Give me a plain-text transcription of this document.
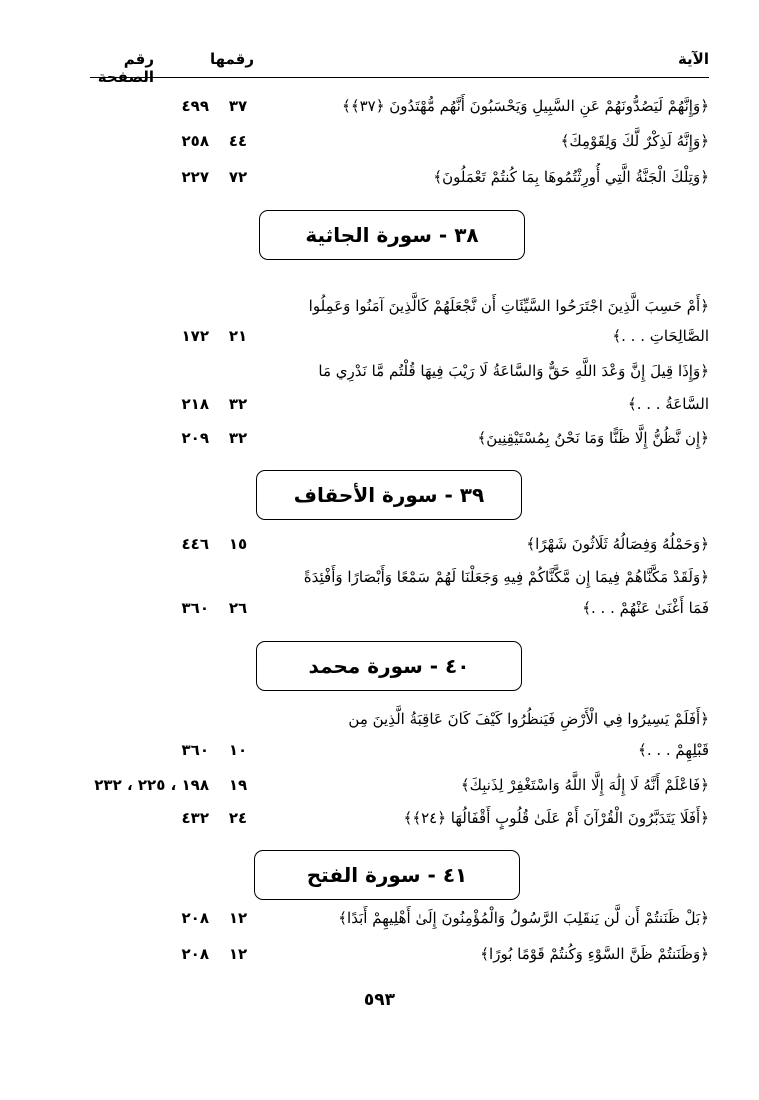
الآية
رقمها
رقم الصفحة
﴿وَإِنَّهُمْ لَيَصُدُّونَهُمْ عَنِ السَّبِيلِ وَيَحْسَبُونَ أَنَّهُم مُّهْتَدُونَ ﴿٣٧﴾﴾
٣٧
٤٩٩
﴿وَإِنَّهُ لَذِكْرٌ لَّكَ وَلِقَوْمِكَ﴾
٤٤
٢٥٨
﴿وَتِلْكَ الْجَنَّةُ الَّتِي أُورِثْتُمُوهَا بِمَا كُنتُمْ تَعْمَلُونَ﴾
٧٢
٢٢٧
٣٨ - سورة الجاثية
﴿أَمْ حَسِبَ الَّذِينَ اجْتَرَحُوا السَّيِّئَاتِ أَن نَّجْعَلَهُمْ كَالَّذِينَ آمَنُوا وَعَمِلُوا
الصَّالِحَاتِ . . .﴾
٢١
١٧٢
﴿وَإِذَا قِيلَ إِنَّ وَعْدَ اللَّهِ حَقٌّ وَالسَّاعَةُ لَا رَيْبَ فِيهَا قُلْتُم مَّا نَدْرِي مَا
السَّاعَةُ . . .﴾
٣٢
٢١٨
﴿إِن نَّظُنُّ إِلَّا ظَنًّا وَمَا نَحْنُ بِمُسْتَيْقِنِينَ﴾
٣٢
٢٠٩
٣٩ - سورة الأحقاف
﴿وَحَمْلُهُ وَفِصَالُهُ ثَلَاثُونَ شَهْرًا﴾
١٥
٤٤٦
﴿وَلَقَدْ مَكَّنَّاهُمْ فِيمَا إِن مَّكَّنَّاكُمْ فِيهِ وَجَعَلْنَا لَهُمْ سَمْعًا وَأَبْصَارًا وَأَفْئِدَةً
فَمَا أَغْنَىٰ عَنْهُمْ . . .﴾
٢٦
٣٦٠
٤٠ - سورة محمد
﴿أَفَلَمْ يَسِيرُوا فِي الْأَرْضِ فَيَنظُرُوا كَيْفَ كَانَ عَاقِبَةُ الَّذِينَ مِن
قَبْلِهِمْ . . .﴾
١٠
٣٦٠
﴿فَاعْلَمْ أَنَّهُ لَا إِلَٰهَ إِلَّا اللَّهُ وَاسْتَغْفِرْ لِذَنبِكَ﴾
١٩
١٩٨ ، ٢٢٥ ، ٢٣٢
﴿أَفَلَا يَتَدَبَّرُونَ الْقُرْآنَ أَمْ عَلَىٰ قُلُوبٍ أَقْفَالُهَا ﴿٢٤﴾﴾
٢٤
٤٣٢
٤١ - سورة الفتح
﴿بَلْ ظَنَنتُمْ أَن لَّن يَنقَلِبَ الرَّسُولُ وَالْمُؤْمِنُونَ إِلَىٰ أَهْلِيهِمْ أَبَدًا﴾
١٢
٢٠٨
﴿وَظَنَنتُمْ ظَنَّ السَّوْءِ وَكُنتُمْ قَوْمًا بُورًا﴾
١٢
٢٠٨
٥٩٣
